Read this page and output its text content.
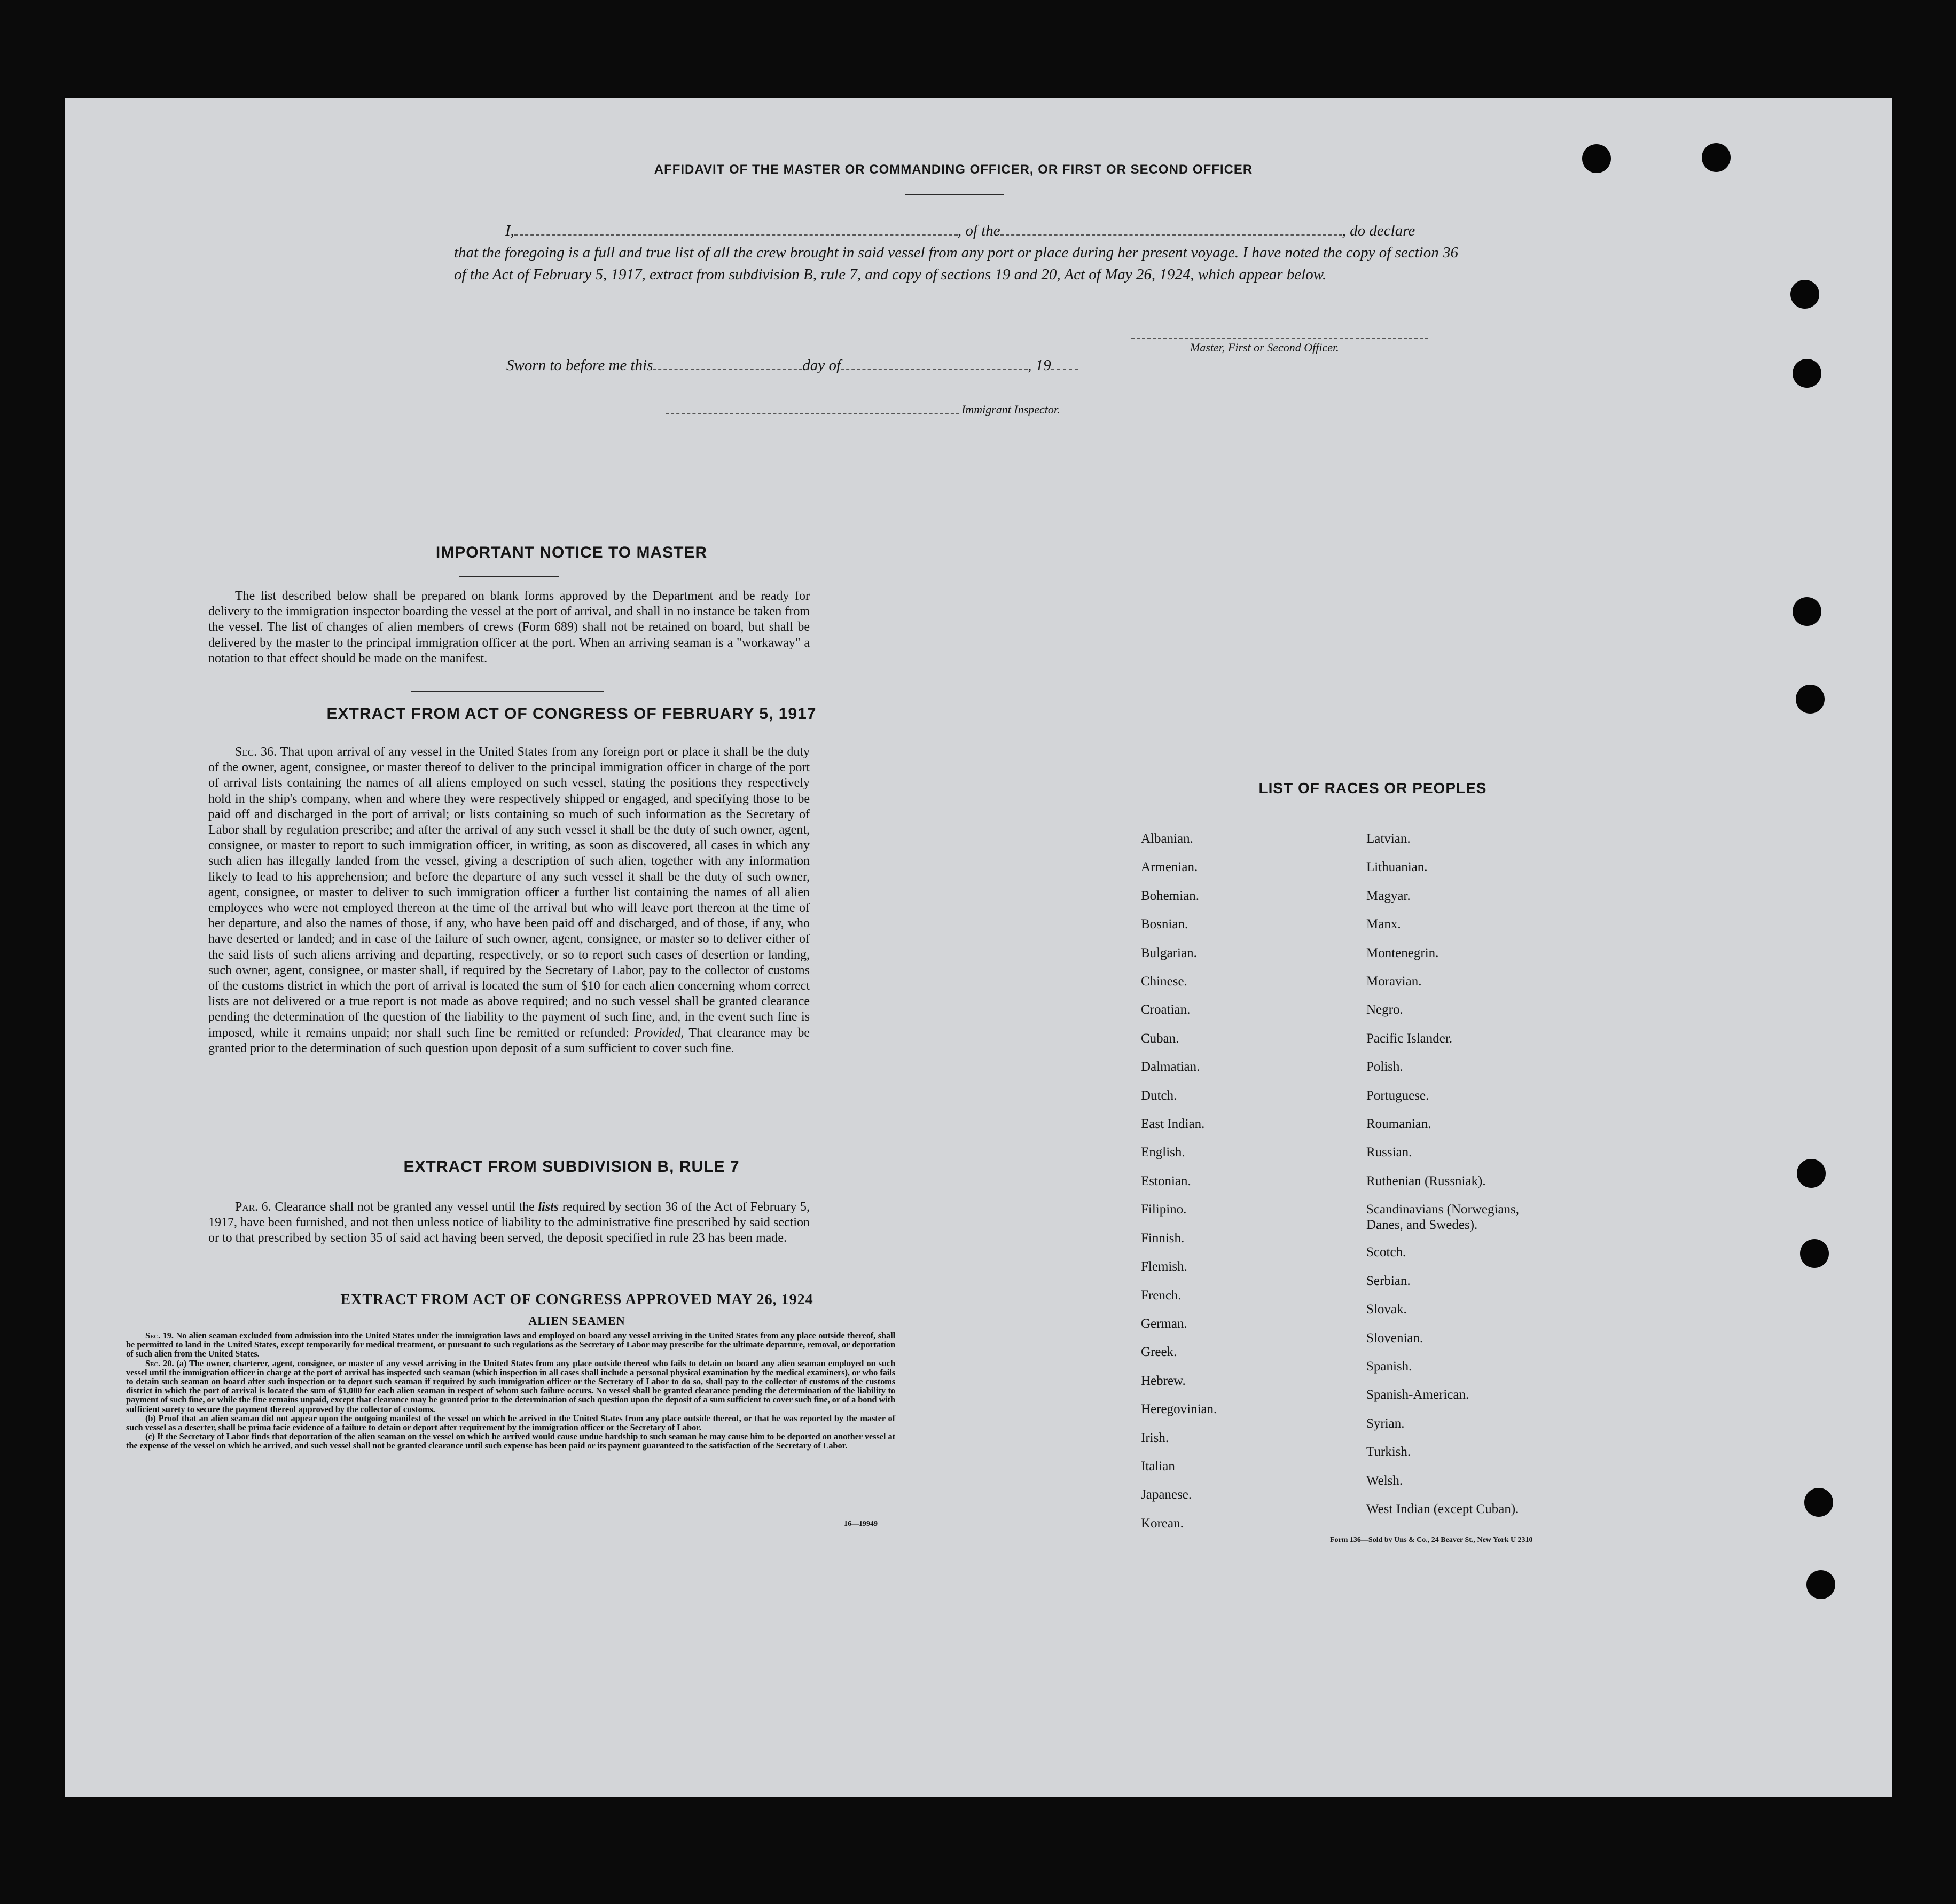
AFFIDAVIT OF THE MASTER OR COMMANDING OFFICER, OR FIRST OR SECOND OFFICER
I,	, of the	, do declare
that the foregoing is a full and true list of all the crew brought in said vessel from any port or place during her present voyage. I have noted the copy of section 36 of the Act of February 5, 1917, extract from subdivision B, rule 7, and copy of sections 19 and 20, Act of May 26, 1924, which appear below.
Master, First or Second Officer.
Sworn to before me this	day of	, 19
Immigrant Inspector.
IMPORTANT NOTICE TO MASTER
The list described below shall be prepared on blank forms approved by the Department and be ready for delivery to the immigration inspector boarding the vessel at the port of arrival, and shall in no instance be taken from the vessel. The list of changes of alien members of crews (Form 689) shall not be retained on board, but shall be delivered by the master to the principal immigration officer at the port. When an arriving seaman is a "workaway" a notation to that effect should be made on the manifest.
EXTRACT FROM ACT OF CONGRESS OF FEBRUARY 5, 1917
Sec. 36. That upon arrival of any vessel in the United States from any foreign port or place it shall be the duty of the owner, agent, consignee, or master thereof to deliver to the principal immigration officer in charge of the port of arrival lists containing the names of all aliens employed on such vessel, stating the positions they respectively hold in the ship's company, when and where they were respectively shipped or engaged, and specifying those to be paid off and discharged in the port of arrival; or lists containing so much of such information as the Secretary of Labor shall by regulation prescribe; and after the arrival of any such vessel it shall be the duty of such owner, agent, consignee, or master to report to such immigration officer, in writing, as soon as discovered, all cases in which any such alien has illegally landed from the vessel, giving a description of such alien, together with any information likely to lead to his apprehension; and before the departure of any such vessel it shall be the duty of such owner, agent, consignee, or master to deliver to such immigration officer a further list containing the names of all alien employees who were not employed thereon at the time of the arrival but who will leave port thereon at the time of her departure, and also the names of those, if any, who have been paid off and discharged, and of those, if any, who have deserted or landed; and in case of the failure of such owner, agent, consignee, or master so to deliver either of the said lists of such aliens arriving and departing, respectively, or so to report such cases of desertion or landing, such owner, agent, consignee, or master shall, if required by the Secretary of Labor, pay to the collector of customs of the customs district in which the port of arrival is located the sum of $10 for each alien concerning whom correct lists are not delivered or a true report is not made as above required; and no such vessel shall be granted clearance pending the determination of the question of the liability to the payment of such fine, and, in the event such fine is imposed, while it remains unpaid; nor shall such fine be remitted or refunded: Provided, That clearance may be granted prior to the determination of such question upon deposit of a sum sufficient to cover such fine.
EXTRACT FROM SUBDIVISION B, RULE 7
Par. 6. Clearance shall not be granted any vessel until the lists required by section 36 of the Act of February 5, 1917, have been furnished, and not then unless notice of liability to the administrative fine prescribed by said section or to that prescribed by section 35 of said act having been served, the deposit specified in rule 23 has been made.
EXTRACT FROM ACT OF CONGRESS APPROVED MAY 26, 1924
ALIEN SEAMEN
Sec. 19. No alien seaman excluded from admission into the United States under the immigration laws and employed on board any vessel arriving in the United States from any place outside thereof, shall be permitted to land in the United States, except temporarily for medical treatment, or pursuant to such regulations as the Secretary of Labor may prescribe for the ultimate departure, removal, or deportation of such alien from the United States.
Sec. 20. (a) The owner, charterer, agent, consignee, or master of any vessel arriving in the United States from any place outside thereof who fails to detain on board any alien seaman employed on such vessel until the immigration officer in charge at the port of arrival has inspected such seaman (which inspection in all cases shall include a personal physical examination by the medical examiners), or who fails to detain such seaman on board after such inspection or to deport such seaman if required by such immigration officer or the Secretary of Labor to do so, shall pay to the collector of customs of the customs district in which the port of arrival is located the sum of $1,000 for each alien seaman in respect of whom such failure occurs. No vessel shall be granted clearance pending the determination of the liability to payment of such fine, or while the fine remains unpaid, except that clearance may be granted prior to the determination of such question upon the deposit of a sum sufficient to cover such fine, or of a bond with sufficient surety to secure the payment thereof approved by the collector of customs.
(b) Proof that an alien seaman did not appear upon the outgoing manifest of the vessel on which he arrived in the United States from any place outside thereof, or that he was reported by the master of such vessel as a deserter, shall be prima facie evidence of a failure to detain or deport after requirement by the immigration officer or the Secretary of Labor.
(c) If the Secretary of Labor finds that deportation of the alien seaman on the vessel on which he arrived would cause undue hardship to such seaman he may cause him to be deported on another vessel at the expense of the vessel on which he arrived, and such vessel shall not be granted clearance until such expense has been paid or its payment guaranteed to the satisfaction of the Secretary of Labor.
16—19949
LIST OF RACES OR PEOPLES
Albanian.
Armenian.
Bohemian.
Bosnian.
Bulgarian.
Chinese.
Croatian.
Cuban.
Dalmatian.
Dutch.
East Indian.
English.
Estonian.
Filipino.
Finnish.
Flemish.
French.
German.
Greek.
Hebrew.
Heregovinian.
Irish.
Italian
Japanese.
Korean.
Latvian.
Lithuanian.
Magyar.
Manx.
Montenegrin.
Moravian.
Negro.
Pacific Islander.
Polish.
Portuguese.
Roumanian.
Russian.
Ruthenian (Russniak).
Scandinavians (Norwegians,
Danes, and Swedes).
Scotch.
Serbian.
Slovak.
Slovenian.
Spanish.
Spanish-American.
Syrian.
Turkish.
Welsh.
West Indian (except Cuban).
Form 136—Sold by Uns & Co., 24 Beaver St., New York U 2310
